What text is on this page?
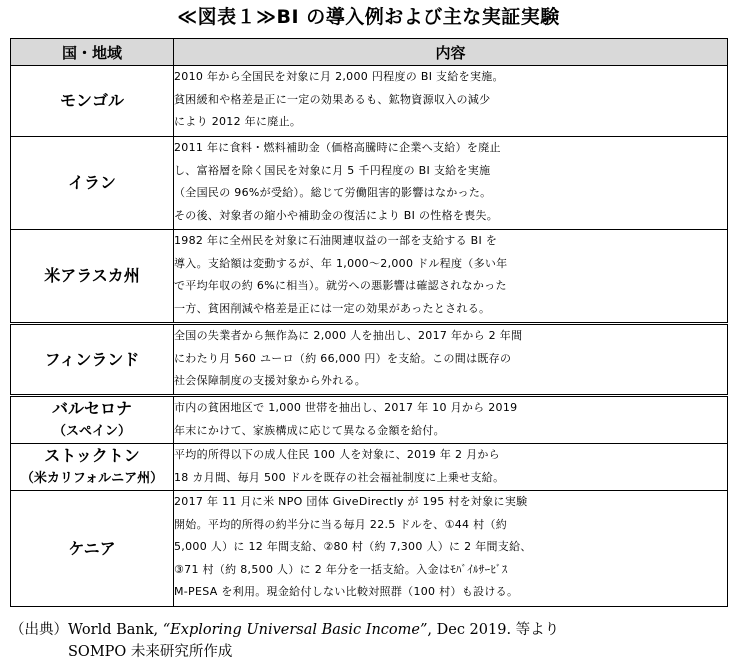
≪図表１≫BI の導入例および主な実証実験
国・地域	内容

モンゴル	2010 年から全国民を対象に月 2,000 円程度の BI 支給を実施。
貧困緩和や格差是正に一定の効果あるも、鉱物資源収入の減少
により 2012 年に廃止。

イラン	2011 年に食料・燃料補助金（価格高騰時に企業へ支給）を廃止
し、富裕層を除く国民を対象に月 5 千円程度の BI 支給を実施
（全国民の 96%が受給）。総じて労働阻害的影響はなかった。
その後、対象者の縮小や補助金の復活により BI の性格を喪失。

米アラスカ州	1982 年に全州民を対象に石油関連収益の一部を支給する BI を
導入。支給額は変動するが、年 1,000～2,000 ドル程度（多い年
で平均年収の約 6%に相当）。就労への悪影響は確認されなかった
一方、貧困削減や格差是正には一定の効果があったとされる。

フィンランド	全国の失業者から無作為に 2,000 人を抽出し、2017 年から 2 年間
にわたり月 560 ユーロ（約 66,000 円）を支給。この間は既存の
社会保障制度の支援対象から外れる。

バルセロナ
（スペイン）	市内の貧困地区で 1,000 世帯を抽出し、2017 年 10 月から 2019
年末にかけて、家族構成に応じて異なる金額を給付。

ストックトン
（米カリフォルニア州）	平均的所得以下の成人住民 100 人を対象に、2019 年 2 月から
18 カ月間、毎月 500 ドルを既存の社会福祉制度に上乗せ支給。

ケニア	2017 年 11 月に米 NPO 団体 GiveDirectly が 195 村を対象に実験
開始。平均的所得の約半分に当る毎月 22.5 ドルを、①44 村（約
5,000 人）に 12 年間支給、②80 村（約 7,300 人）に 2 年間支給、
③71 村（約 8,500 人）に 2 年分を一括支給。入金はﾓﾊﾞｲﾙｻｰﾋﾞｽ
M-PESA を利用。現金給付しない比較対照群（100 村）も設ける。
（出典）World Bank, “Exploring Universal Basic Income”, Dec 2019. 等より
SOMPO 未来研究所作成
